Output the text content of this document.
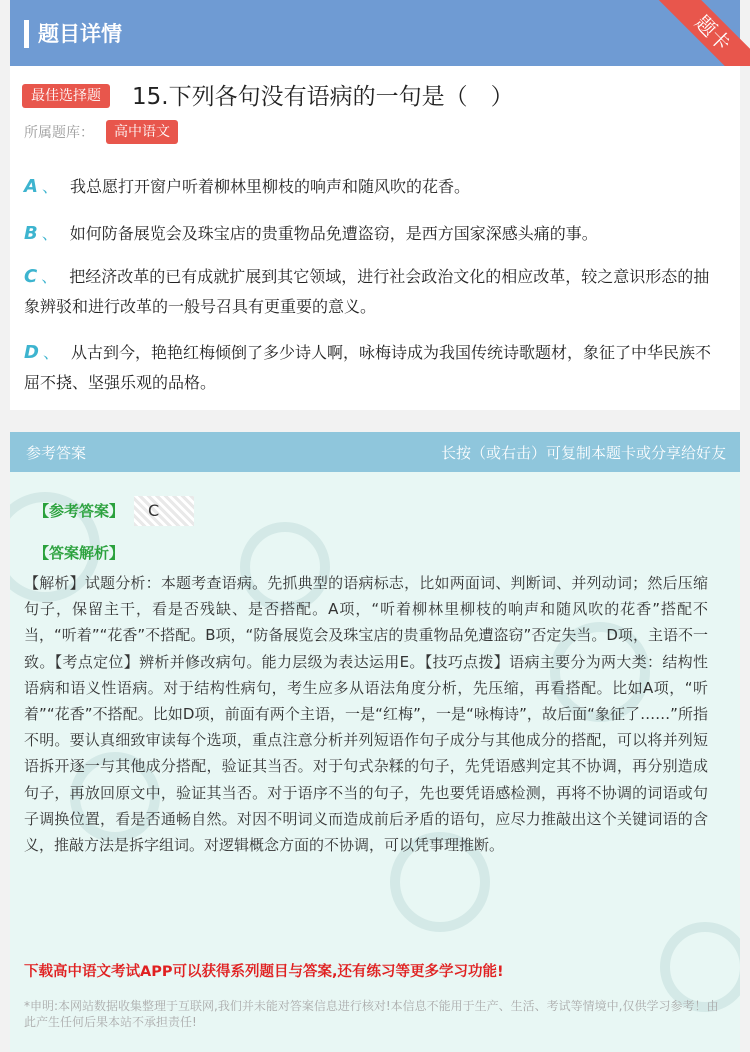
题目详情	题卡
最佳选择题	15.下列各句没有语病的一句是（　）
所属题库：	高中语文
A 、 我总愿打开窗户听着柳林里柳枝的响声和随风吹的花香。
B 、 如何防备展览会及珠宝店的贵重物品免遭盗窃，是西方国家深感头痛的事。
C 、 把经济改革的已有成就扩展到其它领域，进行社会政治文化的相应改革，较之意识形态的抽象辨驳和进行改革的一般号召具有更重要的意义。
D 、 从古到今，艳艳红梅倾倒了多少诗人啊，咏梅诗成为我国传统诗歌题材，象征了中华民族不屈不挠、坚强乐观的品格。
参考答案	长按（或右击）可复制本题卡或分享给好友
【参考答案】	C
【答案解析】
【解析】试题分析：本题考查语病。先抓典型的语病标志，比如两面词、判断词、并列动词；然后压缩句子，保留主干，看是否残缺、是否搭配。A项，“听着柳林里柳枝的响声和随风吹的花香”搭配不当，“听着”“花香”不搭配。B项，“防备展览会及珠宝店的贵重物品免遭盗窃”否定失当。D项，主语不一致。【考点定位】辨析并修改病句。能力层级为表达运用E。【技巧点拨】语病主要分为两大类：结构性语病和语义性语病。对于结构性病句，考生应多从语法角度分析，先压缩，再看搭配。比如A项，“听着”“花香”不搭配。比如D项，前面有两个主语，一是“红梅”，一是“咏梅诗”，故后面“象征了……”所指不明。要认真细致审读每个选项，重点注意分析并列短语作句子成分与其他成分的搭配，可以将并列短语拆开逐一与其他成分搭配，验证其当否。对于句式杂糅的句子，先凭语感判定其不协调，再分别造成句子，再放回原文中，验证其当否。对于语序不当的句子，先也要凭语感检测，再将不协调的词语或句子调换位置，看是否通畅自然。对因不明词义而造成前后矛盾的语句，应尽力推敲出这个关键词语的含义，推敲方法是拆字组词。对逻辑概念方面的不协调，可以凭事理推断。
下载高中语文考试APP可以获得系列题目与答案,还有练习等更多学习功能!
*申明:本网站数据收集整理于互联网,我们并未能对答案信息进行核对!本信息不能用于生产、生活、考试等情境中,仅供学习参考！由此产生任何后果本站不承担责任!
